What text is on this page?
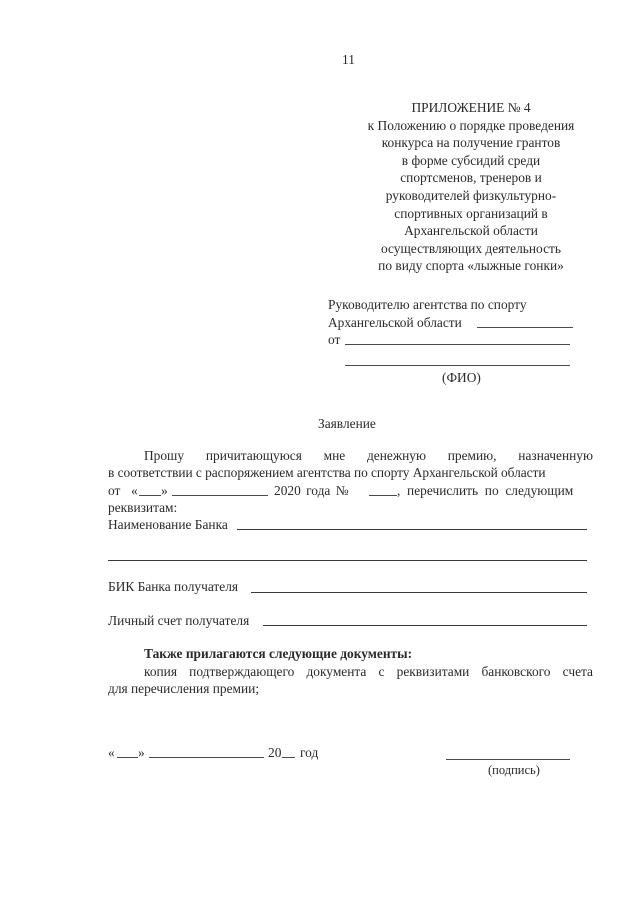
11
ПРИЛОЖЕНИЕ № 4
к Положению о порядке проведения
конкурса на получение грантов
в форме субсидий среди
спортсменов, тренеров и
руководителей физкультурно-
спортивных организаций в
Архангельской области
осуществляющих деятельность
по виду спорта «лыжные гонки»
Руководителю агентства по спорту
Архангельской области
от
(ФИО)
Заявление
Прошу причитающуюся мне денежную премию, назначенную
в соответствии с распоряжением агентства по спорту Архангельской области
от « »	2020 года №	,  перечислить  по  следующим
реквизитам:
Наименование Банка
БИК Банка получателя
Личный счет получателя
Также прилагаются следующие документы:
копия подтверждающего документа с реквизитами банковского счета
для перечисления премии;
« »	20 год
(подпись)
